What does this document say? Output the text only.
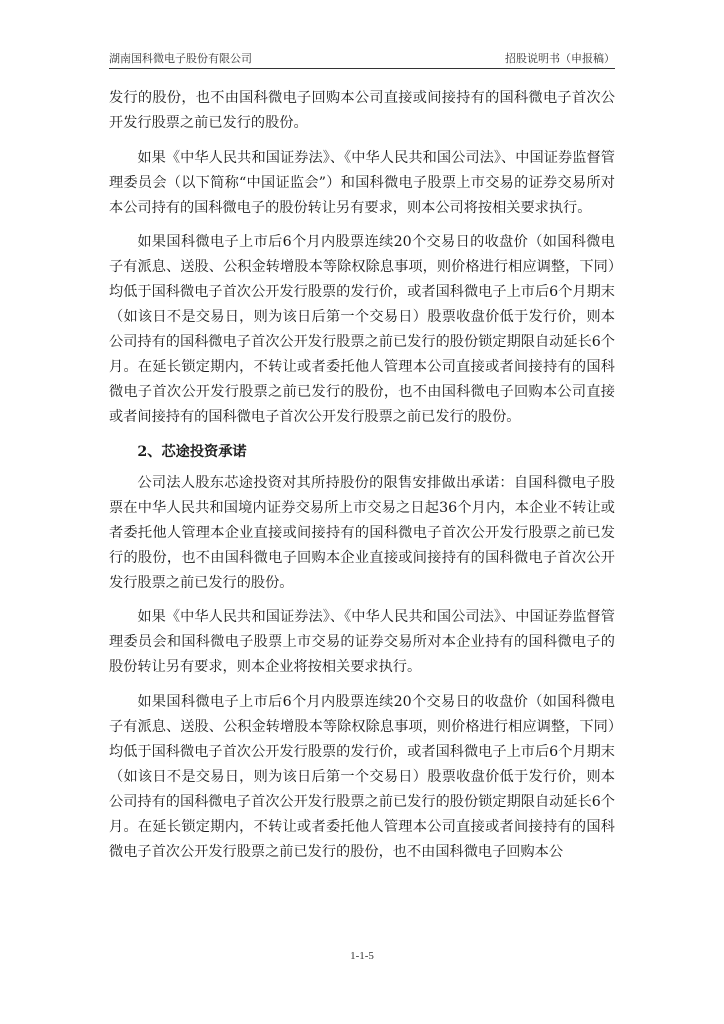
湖南国科微电子股份有限公司	招股说明书（申报稿）

发行的股份，也不由国科微电子回购本公司直接或间接持有的国科微电子首次公开发行股票之前已发行的股份。

如果《中华人民共和国证券法》、《中华人民共和国公司法》、中国证券监督管理委员会（以下简称“中国证监会”）和国科微电子股票上市交易的证券交易所对本公司持有的国科微电子的股份转让另有要求，则本公司将按相关要求执行。

如果国科微电子上市后6个月内股票连续20个交易日的收盘价（如国科微电子有派息、送股、公积金转增股本等除权除息事项，则价格进行相应调整，下同）均低于国科微电子首次公开发行股票的发行价，或者国科微电子上市后6个月期末（如该日不是交易日，则为该日后第一个交易日）股票收盘价低于发行价，则本公司持有的国科微电子首次公开发行股票之前已发行的股份锁定期限自动延长6个月。在延长锁定期内，不转让或者委托他人管理本公司直接或者间接持有的国科微电子首次公开发行股票之前已发行的股份，也不由国科微电子回购本公司直接或者间接持有的国科微电子首次公开发行股票之前已发行的股份。

2、芯途投资承诺

公司法人股东芯途投资对其所持股份的限售安排做出承诺：自国科微电子股票在中华人民共和国境内证券交易所上市交易之日起36个月内，本企业不转让或者委托他人管理本企业直接或间接持有的国科微电子首次公开发行股票之前已发行的股份，也不由国科微电子回购本企业直接或间接持有的国科微电子首次公开发行股票之前已发行的股份。

如果《中华人民共和国证券法》、《中华人民共和国公司法》、中国证券监督管理委员会和国科微电子股票上市交易的证券交易所对本企业持有的国科微电子的股份转让另有要求，则本企业将按相关要求执行。

如果国科微电子上市后6个月内股票连续20个交易日的收盘价（如国科微电子有派息、送股、公积金转增股本等除权除息事项，则价格进行相应调整，下同）均低于国科微电子首次公开发行股票的发行价，或者国科微电子上市后6个月期末（如该日不是交易日，则为该日后第一个交易日）股票收盘价低于发行价，则本公司持有的国科微电子首次公开发行股票之前已发行的股份锁定期限自动延长6个月。在延长锁定期内，不转让或者委托他人管理本公司直接或者间接持有的国科微电子首次公开发行股票之前已发行的股份，也不由国科微电子回购本公

1-1-5
